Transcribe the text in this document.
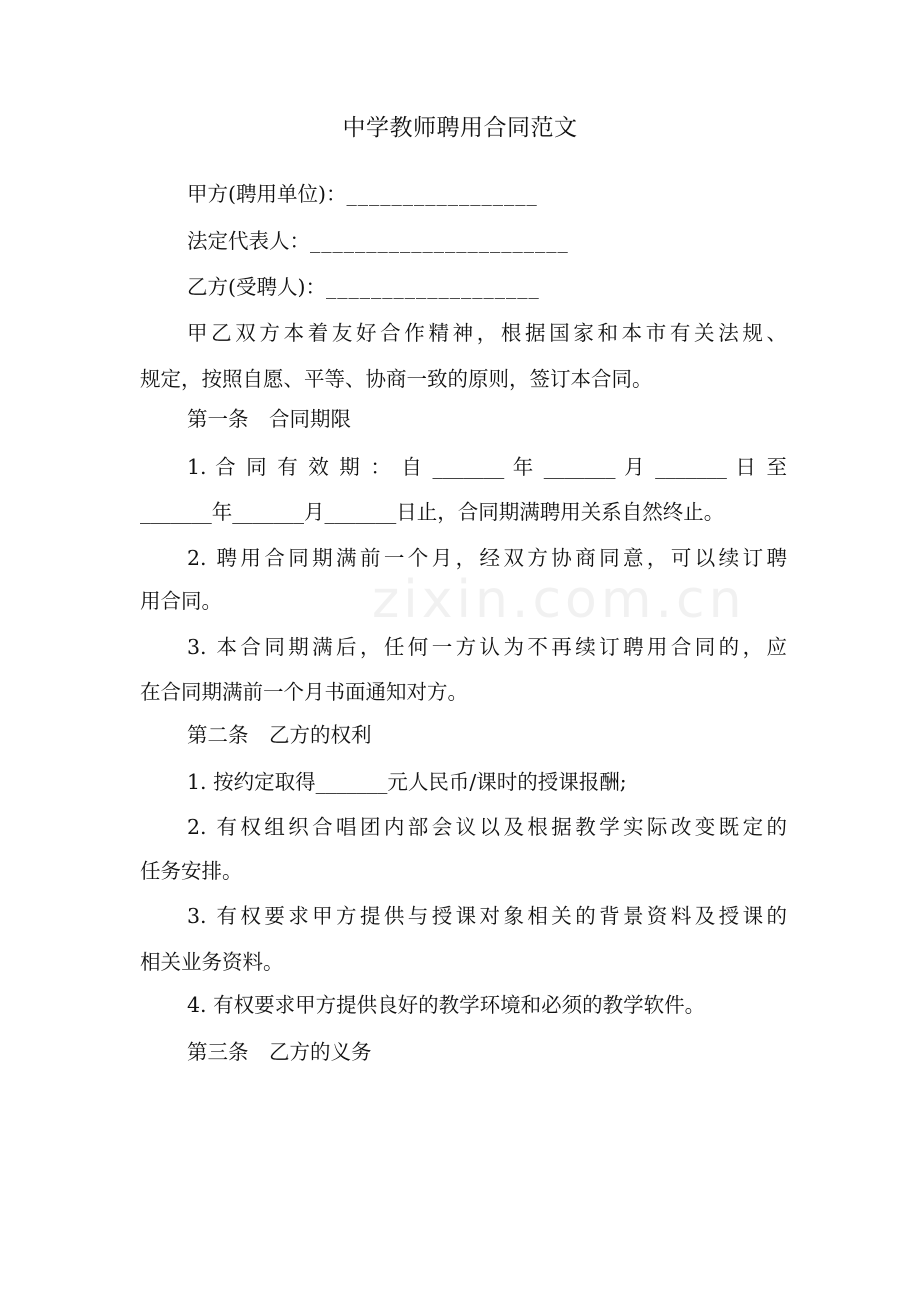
zixin.com.cn
中学教师聘用合同范文
甲方(聘用单位)：_________________
法定代表人：_______________________
乙方(受聘人)：___________________
甲乙双方本着友好合作精神，根据国家和本市有关法规、
规定，按照自愿、平等、协商一致的原则，签订本合同。
第一条　合同期限
1. 合 同 有 效 期 ： 自 _______ 年 _______ 月 _______ 日 至
_______年_______月_______日止，合同期满聘用关系自然终止。
2. 聘用合同期满前一个月，经双方协商同意，可以续订聘
用合同。
3. 本合同期满后，任何一方认为不再续订聘用合同的，应
在合同期满前一个月书面通知对方。
第二条　乙方的权利
1. 按约定取得_______元人民币/课时的授课报酬;
2. 有权组织合唱团内部会议以及根据教学实际改变既定的
任务安排。
3. 有权要求甲方提供与授课对象相关的背景资料及授课的
相关业务资料。
4. 有权要求甲方提供良好的教学环境和必须的教学软件。
第三条　乙方的义务
